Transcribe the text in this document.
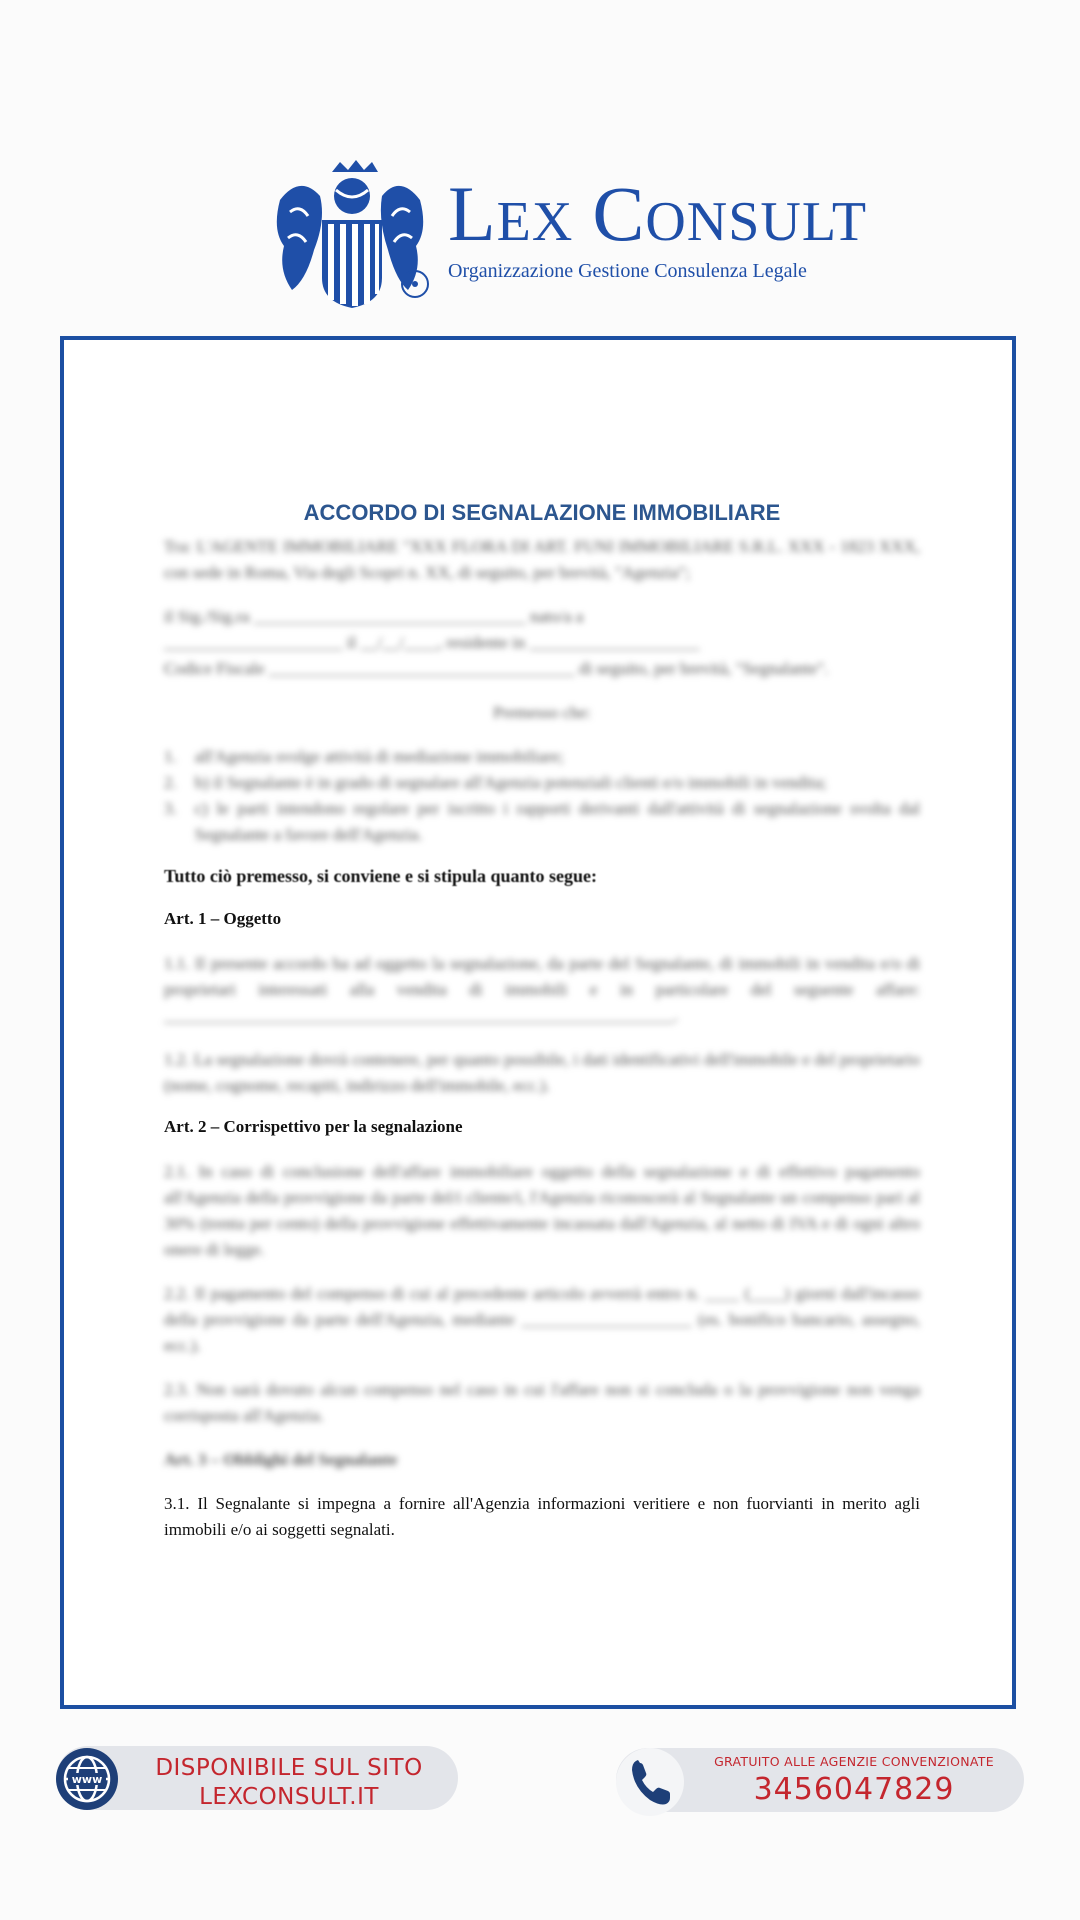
LEX CONSULT
Organizzazione Gestione Consulenza Legale
ACCORDO DI SEGNALAZIONE IMMOBILIARE

Tra: L'AGENTE IMMOBILIARE "XXX FLORA DI ART. FUNI IMMOBILIARE S.R.L. XXX - 1823 XXX, con sede in Roma, Via degli Scopri n. XX, di seguito, per brevità, "Agenzia";

il Sig./Sig.ra ________________________________ nato/a a

_____________________ il __/__/____, residente in ____________________

Codice Fiscale ____________________________________ di seguito, per brevità, "Segnalante".

Premesso che:

1. all'Agenzia svolge attività di mediazione immobiliare;
2. b) il Segnalante è in grado di segnalare all'Agenzia potenziali clienti e/o immobili in vendita;
3. c) le parti intendono regolare per iscritto i rapporti derivanti dall'attività di segnalazione svolta dal Segnalante a favore dell'Agenzia.

Tutto ciò premesso, si conviene e si stipula quanto segue:

Art. 1 – Oggetto

1.1. Il presente accordo ha ad oggetto la segnalazione, da parte del Segnalante, di immobili in vendita e/o di proprietari interessati alla vendita di immobili e in particolare del seguente affare: ____________________________________________________________.

1.2. La segnalazione dovrà contenere, per quanto possibile, i dati identificativi dell'immobile e del proprietario (nome, cognome, recapiti, indirizzo dell'immobile, ecc.).

Art. 2 – Corrispettivo per la segnalazione

2.1. In caso di conclusione dell'affare immobiliare oggetto della segnalazione e di effettivo pagamento all'Agenzia della provvigione da parte del/i cliente/i, l'Agenzia riconoscerà al Segnalante un compenso pari al 30% (trenta per cento) della provvigione effettivamente incassata dall'Agenzia, al netto di IVA e di ogni altro onere di legge.

2.2. Il pagamento del compenso di cui al precedente articolo avverrà entro n. ____ (____) giorni dall'incasso della provvigione da parte dell'Agenzia, mediante ____________________ (es. bonifico bancario, assegno, ecc.).

2.3. Non sarà dovuto alcun compenso nel caso in cui l'affare non si concluda o la provvigione non venga corrisposta all'Agenzia.

Art. 3 – Obblighi del Segnalante

3.1. Il Segnalante si impegna a fornire all'Agenzia informazioni veritiere e non fuorvianti in merito agli immobili e/o ai soggetti segnalati.

www	DISPONIBILE SUL SITO
LEXCONSULT.IT
GRATUITO ALLE AGENZIE CONVENZIONATE
3456047829
